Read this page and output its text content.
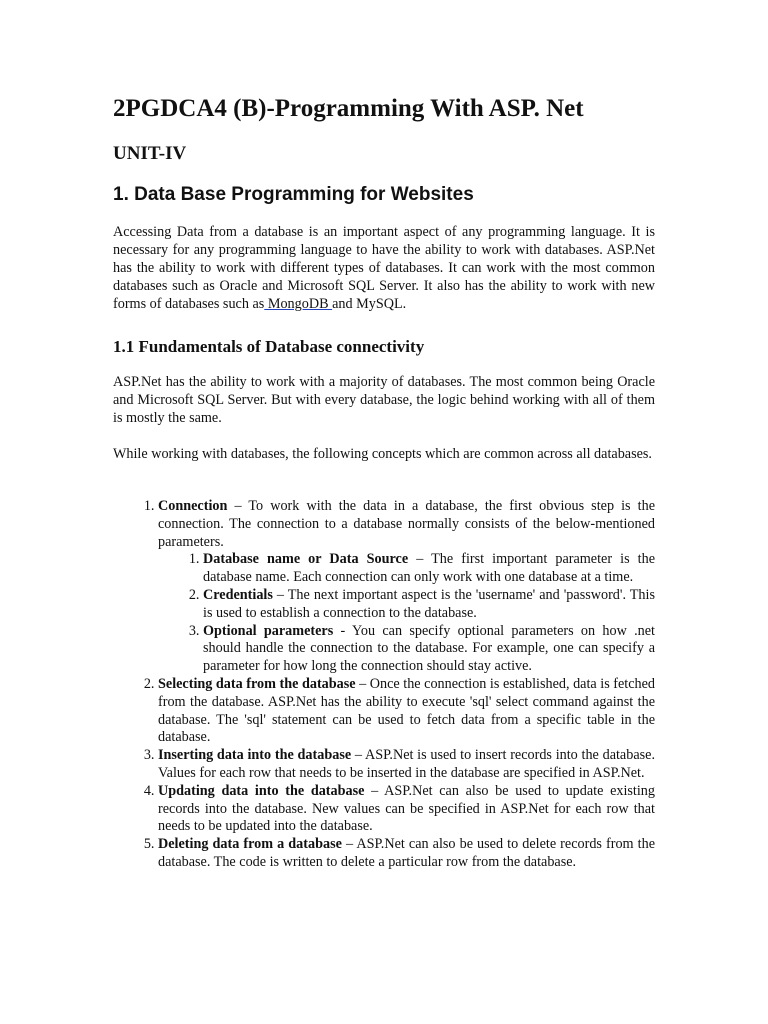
2PGDCA4 (B)-Programming With ASP. Net
UNIT-IV
1. Data Base Programming for Websites

Accessing Data from a database is an important aspect of any programming language. It is necessary for any programming language to have the ability to work with databases. ASP.Net has the ability to work with different types of databases. It can work with the most common databases such as Oracle and Microsoft SQL Server. It also has the ability to work with new forms of databases such as MongoDB and MySQL.

1.1 Fundamentals of Database connectivity

ASP.Net has the ability to work with a majority of databases. The most common being Oracle and Microsoft SQL Server. But with every database, the logic behind working with all of them is mostly the same.

While working with databases, the following concepts which are common across all databases.

1. Connection – To work with the data in a database, the first obvious step is the connection. The connection to a database normally consists of the below-mentioned parameters.
1. Database name or Data Source – The first important parameter is the database name. Each connection can only work with one database at a time.
2. Credentials – The next important aspect is the 'username' and 'password'. This is used to establish a connection to the database.
3. Optional parameters - You can specify optional parameters on how .net should handle the connection to the database. For example, one can specify a parameter for how long the connection should stay active.
2. Selecting data from the database – Once the connection is established, data is fetched from the database. ASP.Net has the ability to execute 'sql' select command against the database. The 'sql' statement can be used to fetch data from a specific table in the database.
3. Inserting data into the database – ASP.Net is used to insert records into the database. Values for each row that needs to be inserted in the database are specified in ASP.Net.
4. Updating data into the database – ASP.Net can also be used to update existing records into the database. New values can be specified in ASP.Net for each row that needs to be updated into the database.
5. Deleting data from a database – ASP.Net can also be used to delete records from the database. The code is written to delete a particular row from the database.
